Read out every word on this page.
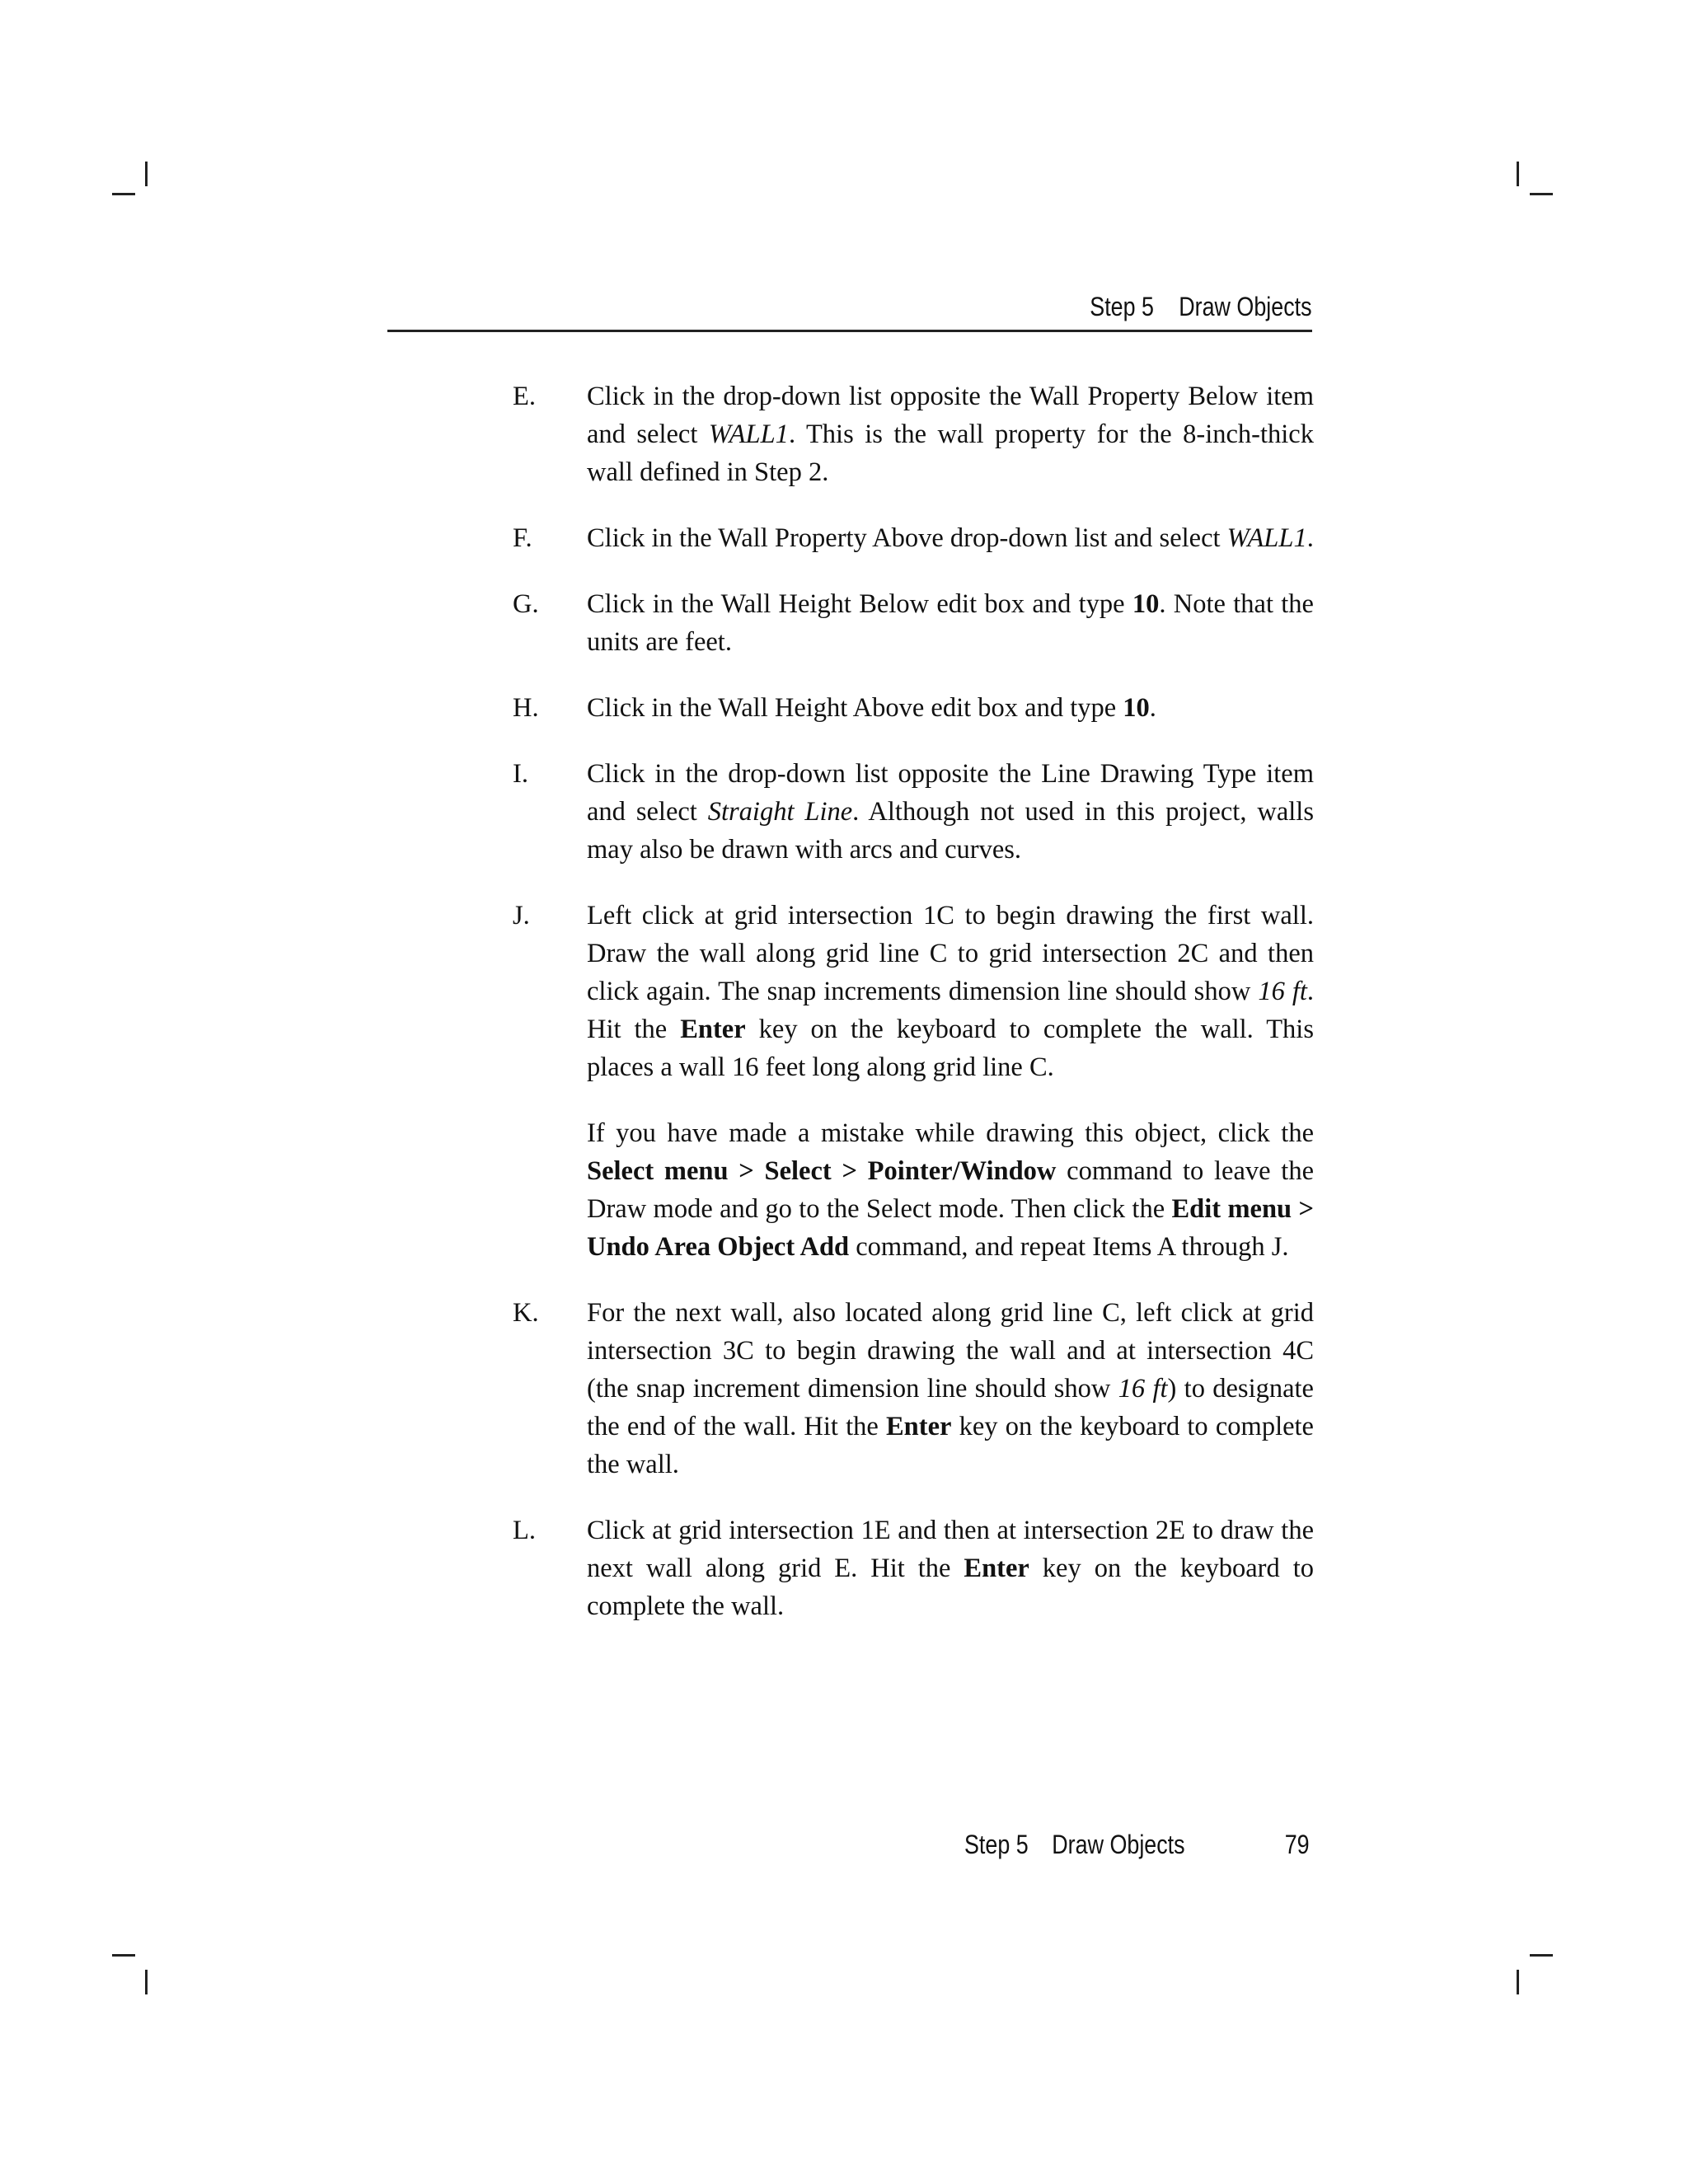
Step 5 Draw Objects
E. Click in the drop-down list opposite the Wall Property Below item and select WALL1. This is the wall property for the 8-inch-thick wall defined in Step 2.

F. Click in the Wall Property Above drop-down list and select WALL1.

G. Click in the Wall Height Below edit box and type 10. Note that the units are feet.

H. Click in the Wall Height Above edit box and type 10.

I. Click in the drop-down list opposite the Line Drawing Type item and select Straight Line. Although not used in this project, walls may also be drawn with arcs and curves.

J. Left click at grid intersection 1C to begin drawing the first wall. Draw the wall along grid line C to grid intersection 2C and then click again. The snap increments dimension line should show 16 ft. Hit the Enter key on the keyboard to complete the wall. This places a wall 16 feet long along grid line C.

If you have made a mistake while drawing this object, click the Select menu > Select > Pointer/Window command to leave the Draw mode and go to the Select mode. Then click the Edit menu > Undo Area Object Add command, and repeat Items A through J.

K. For the next wall, also located along grid line C, left click at grid intersection 3C to begin drawing the wall and at intersection 4C (the snap increment dimension line should show 16 ft) to designate the end of the wall. Hit the Enter key on the keyboard to complete the wall.

L. Click at grid intersection 1E and then at intersection 2E to draw the next wall along grid E. Hit the Enter key on the keyboard to complete the wall.

Step 5 Draw Objects	79
